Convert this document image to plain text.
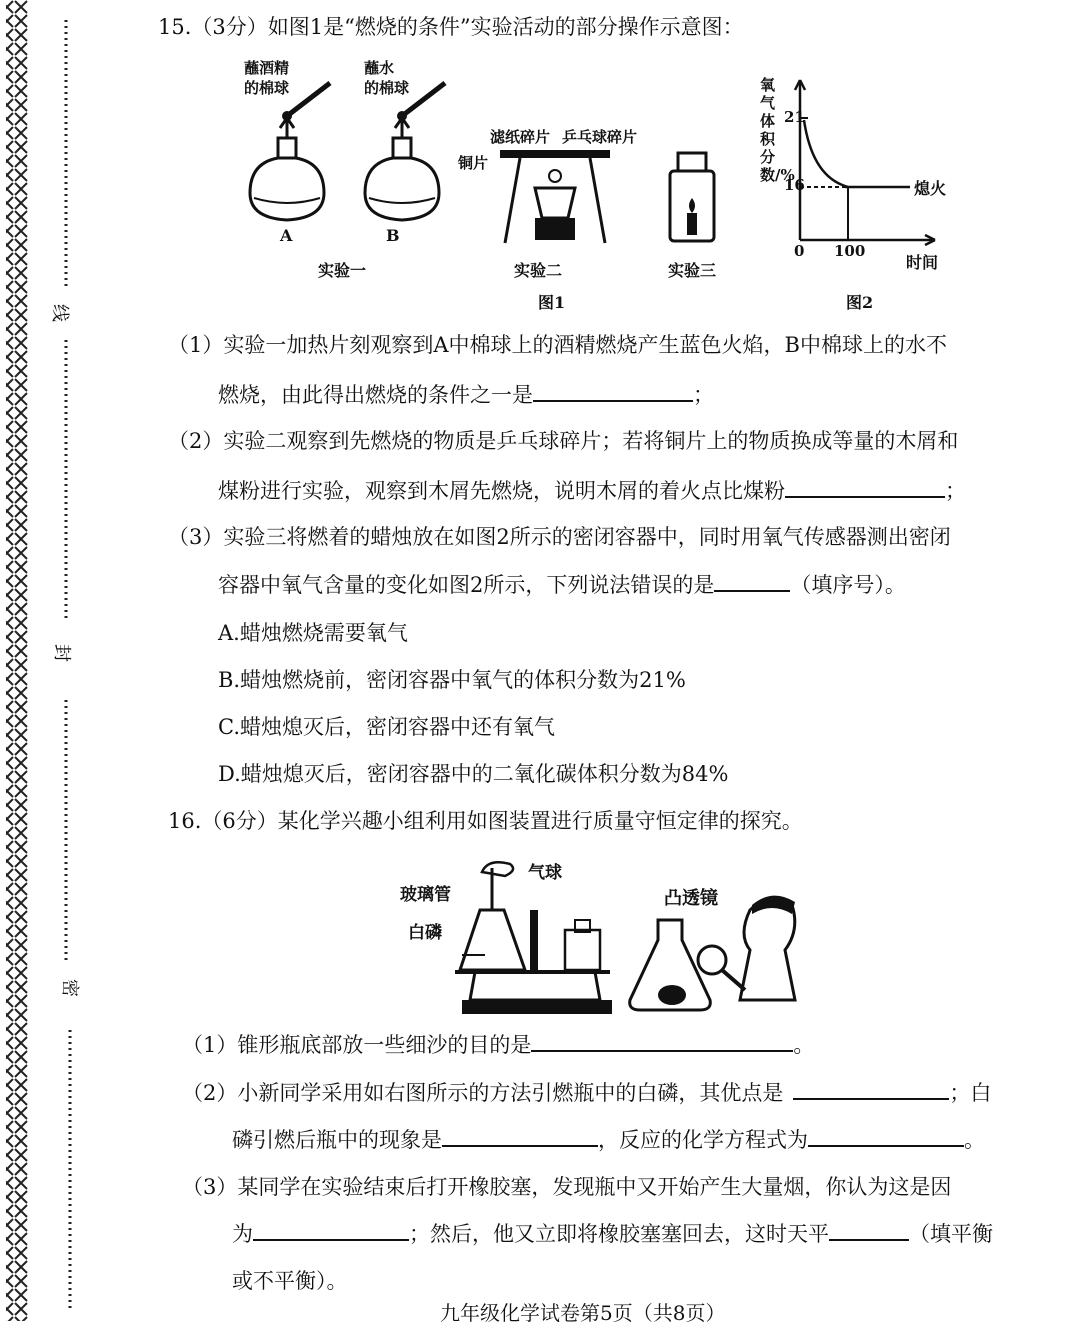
线
封
密
15.（3分）如图1是“燃烧的条件”实验活动的部分操作示意图：
蘸酒精
的棉球
蘸水
的棉球
A	B
实验一
滤纸碎片 乒乓球碎片
铜片
实验二	实验三
图1
氧气体积分数/%
21
16
0 100
时间
熄火
图2
（1）实验一加热片刻观察到A中棉球上的酒精燃烧产生蓝色火焰，B中棉球上的水不
燃烧，由此得出燃烧的条件之一是	；
（2）实验二观察到先燃烧的物质是乒乓球碎片；若将铜片上的物质换成等量的木屑和
煤粉进行实验，观察到木屑先燃烧，说明木屑的着火点比煤粉	；
（3）实验三将燃着的蜡烛放在如图2所示的密闭容器中，同时用氧气传感器测出密闭
容器中氧气含量的变化如图2所示，下列说法错误的是	（填序号）。
A.蜡烛燃烧需要氧气
B.蜡烛燃烧前，密闭容器中氧气的体积分数为21%
C.蜡烛熄灭后，密闭容器中还有氧气
D.蜡烛熄灭后，密闭容器中的二氧化碳体积分数为84%
16.（6分）某化学兴趣小组利用如图装置进行质量守恒定律的探究。
玻璃管
气球
白磷
凸透镜
（1）锥形瓶底部放一些细沙的目的是	。
（2）小新同学采用如右图所示的方法引燃瓶中的白磷，其优点是	；白
磷引燃后瓶中的现象是	，反应的化学方程式为	。
（3）某同学在实验结束后打开橡胶塞，发现瓶中又开始产生大量烟，你认为这是因
为	；然后，他又立即将橡胶塞塞回去，这时天平	（填平衡
或不平衡）。
九年级化学试卷第5页（共8页）
